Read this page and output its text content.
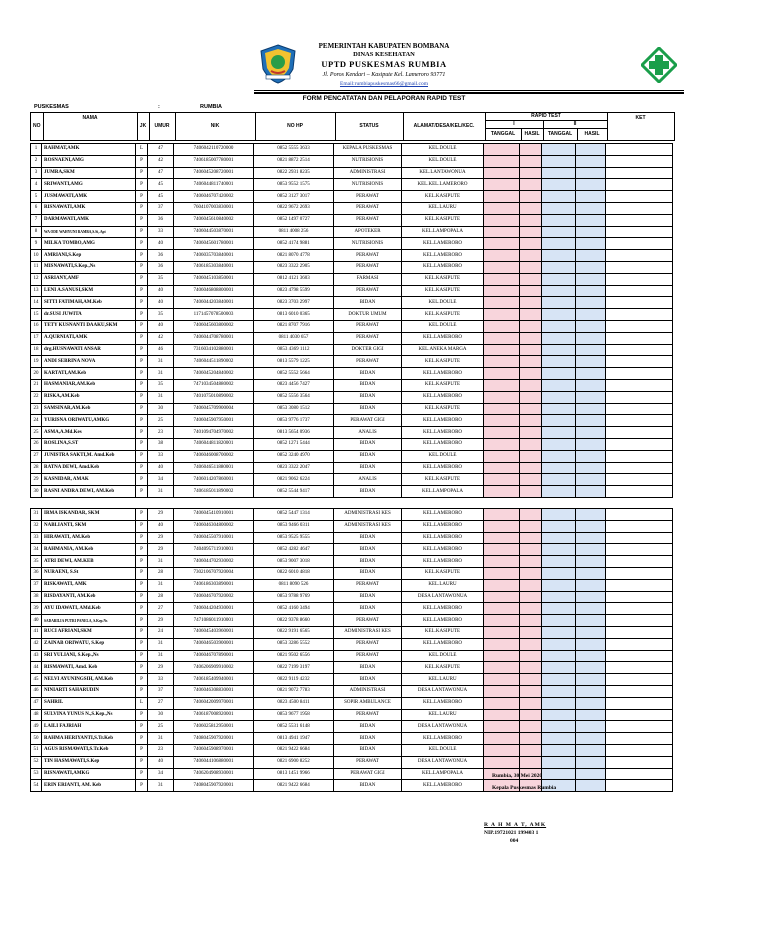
PEMERINTAH KABUPATEN BOMBANA
DINAS KESEHATAN
UPTD PUSKESMAS RUMBIA
Jl. Poros Kendari – Kasipute Kel. Lameroro 93771
Email:rumbiapuskesmas66@gmail.com
FORM PENCATATAN DAN PELAPORAN RAPID TEST
PUSKESMAS	:	RUMBIA
NO	NAMA	JK	UMUR	NIK	NO HP	STATUS	ALAMAT/DESA/KEL/KEC.	RAPID TEST				KET
								I		II		
								TANGGAL	HASIL	TANGGAL	HASIL	
1	RAHMAT,AMK	L	47	7406042110720000	0852 5555 3633	KEPALA PUSKESMAS	KEL.DOULE					
2	ROSNAENI,AMG	P	42	7406185007780001	0821 8872 2514	NUTRISIONIS	KEL.DOULE					
3	JUMRA,SKM	P	47	7406045208720001	0822 2931 8235	ADMINISTRASI	KEL.LANTAWONUA					
4	SRIWANTI,AMG	P	45	7406044811740001	0853 9552 1575	NUTRISIONIS	KEL.KEL.LAMERORO					
5	JUSMAWATI,AMK	P	45	7406046707420002	0852 3127 3017	PERAWAT	KEL.KASIPUTE					
6	RISNAWATI,AMK	P	37	7604107003830001	0822 9672 2693	PERAWAT	KEL.LAURU					
7	DARMAWATI,AMK	P	36	7406045610840002	0852 1497 0727	PERAWAT	KEL.KASIPUTE					
8	WA ODE WAHYUNI RAMBA,S.Si,.Apt	P	33	7406044503870001	0811 4008 256	APOTEKER	KEL.LAMPOPALA					
9	MILKA TOMBO,AMG	P	40	7406045601780001	0852 4174 9881	NUTRISIONIS	KEL.LAMERORO					
10	AMRIANI,S.Kep	P	36	7406035703840001	0821 8070 4778	PERAWAT	KEL.LAMERORO					
11	MISNAWATI,S.Kep.,Ns	P	36	7406185303840001	0823 3322 2905	PERAWAT	KEL.LAMERORO					
12	ASRIANY,AMF	P	35	7406045103850001	0812 4121 3603	FARMASI	KEL.KASIPUTE					
13	LENI A.SANUSI,SKM	P	40	7406046808800001	0823 4798 5599	PERAWAT	KEL.KASIPUTE					
14	SITTI FATIMAH,AM.Keb	P	40	7406044203840001	0823 3703 2997	BIDAN	KEL.DOULE					
15	dr.SUSI JUWITA	P	35	1171457078500003	0813 6010 0365	DOKTUR UMUM	KEL.KASIPUTE					
16	TETY KUSNANTI DAAKU,SKM	P	40	7406045603800002	0821 8707 7916	PERAWAT	KEL.DOULE					
17	A.QURNIATI,AMK	P	42	7406044708780001	0811 4030 657	PERAWAT	KEL.LAMERORO					
18	drg.HUSNAWATI ANSAR	P	46	7316034102880001	0853 4369 1112	DOKTER GIGI	KEL.ANEKA MARGA					
19	ANDI SEBRINA NOVA	P	31	7406044511890002	0813 5579 1225	PERAWAT	KEL.KASIPUTE					
20	KARTATI,AM.Keb	P	31	7406045204840002	0852 5552 5664	BIDAN	KEL.LAMERORO					
21	HASMANIAR,AM.Keb	P	35	7471034504880002	0823 4456 7427	BIDAN	KEL.KASIPUTE					
22	RISKA,AM.Keb	P	31	7401075010890002	0852 5556 3564	BIDAN	KEL.LAMERORO					
23	SAMSINAR,AM.Keb	P	30	7406045709900004	0853 3080 1512	BIDAN	KEL.KASIPUTE					
24	YURISNA ORIWATU,AMKG	P	25	7406045907950001	0853 9776 1737	PERAWAT GIGI	KEL.LAMERORO					
25	ASMA,A.Md.Kes	P	23	7401094704970002	0813 5654 0936	ANALIS	KEL.LAMERORO					
26	ROSLINA,S.ST	P	38	7406044811820001	0852 1271 5444	BIDAN	KEL.LAMERORO					
27	JUNISTRA SAKTI,M. Amd.Keb	P	33	7406046008700002	0852 3240 4970	BIDAN	KEL.DOULE					
28	RATNA DEWI, Amd.Keb	P	40	7406046511880001	0823 3322 2047	BIDAN	KEL.LAMERORO					
29	KASNIDAR, AMAK	P	34	7406014207860001	0821 9062 6224	ANALIS	KEL.KASIPUTE					
30	RASNI ANDRA DEWI, AM.Keb	P	31	7406185011890002	0852 5544 9417	BIDAN	KEL.LAMPOPALA					
31	IRMA ISKANDAR, SKM	P	29	7406045410910001	0852 5447 1314	ADMINISTRASI KES	KEL.LAMERORO					
32	NABLIANTI, SKM	P	40	7406046304800002	0853 9466 0311	ADMINISTRASI KES	KEL.LAMERORO					
33	HIRAWATI, AM.Keb	P	29	7406045507910001	0853 9525 9555	BIDAN	KEL.LAMERORO					
34	RAHMANIA, AM.Keb	P	29	7404095711910001	0852 4282 4647	BIDAN	KEL.LAMERORO					
35	ATRI DEWI, AM.KEB	P	31	7406044702930002	0853 9007 3018	BIDAN	KEL.LAMERORO					
36	NURAENI, S.St	P	28	7302106707920004	0822 6010 4818	BIDAN	KEL.KASIPUTE					
37	RISKAWATI, AMK	P	31	7406186303890001	0811 8090 526	PERAWAT	KEL.LAURU					
38	RISDAYANTI, AM.Keb	P	28	7406046707920002	0853 9788 9769	BIDAN	DESA LANTAWONUA					
39	AYU IDAWATI, AMd.Keb	P	27	7406044204930001	0852 4160 3494	BIDAN	KEL.LAMERORO					
40	SADARILIA PUTRI PANELA, S.Kep.Ns	P	29	7471086011910001	0822 9378 8660	PERAWAT	KEL.LAMERORO					
41	RUCI AFRIANI,SKM	P	24	7406045403960001	0822 9191 6565	ADMINISTRASI KES	KEL.KASIPUTE					
42	ZAINAB ORIWATU, S.Kep	P	31	7406046503900001	0853 3286 5552	PERAWAT	KEL.LAMERORO					
43	SRI YULIANI, S.Kep.,Ns	P	31	7406046707890001	0821 9502 6556	PERAWAT	KEL.DOULE					
44	RISMAWATI, Amd. Keb	P	29	7406206909910002	0822 7199 3197	BIDAN	KEL.KASIPUTE					
45	NELVI AYUNINGSIH, AM.Keb	P	33	7406185409940001	0822 9119 4232	BIDAN	KEL.LAURU					
46	NINIARTI SAHARUDIN	P	37	7406046308830001	0821 9072 7783	ADMINISTRASI	DESA LANTAWONUA					
47	SAHRIL	L	27	7406042009970001	0823 4500 8411	SOPIR AMBULANCE	KEL.LAMERORO					
48	SULVINA YUNUS N.,S.Kep.,Ns	P	30	7406187008920001	0853 9677 1958	PERAWAT	KEL.LAURU					
49	LAILI FAJRIAH	P	25	7406025812950001	0852 5531 6148	BIDAN	DESA LANTAWONUA					
50	RAHMA HERIYANTI,S.Tr.Keb	P	31	7408045907920001	0813 4941 1947	BIDAN	KEL.LAMERORO					
51	AGUS RISMAWATI,S.Tr.Keb	P	23	7406045908970001	0821 9422 6684	BIDAN	KEL.DOULE					
52	TIN HASMAWATI,S.Kep	P	40	7406044106880001	0821 6900 8252	PERAWAT	DESA LANTAWONUA					
53	RISNAWATI,AMKG	P	34	7406204908930001	0813 1451 9966	PERAWAT GIGI	KEL.LAMPOPALA					
54	ERIN ERIANTI, AM. Keb	P	31	7408045907920001	0821 9422 6684	BIDAN	KEL.LAMERORO					
Rumbia, 30 Mei 2020
Kepala Puskesmas Rumbia
R A H M A T, AMK
NIP.19721021 199403 1
004
